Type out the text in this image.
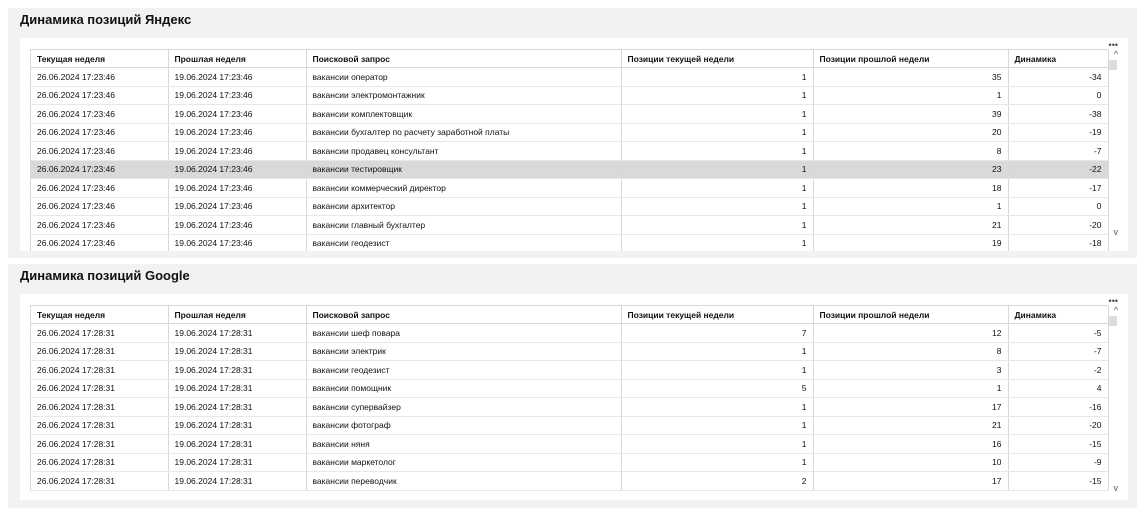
Динамика позиций Яндекс
Текущая неделя	Прошлая неделя	Поисковой запрос	Позиции текущей недели	Позиции прошлой недели	Динамика
26.06.2024 17:23:46	19.06.2024 17:23:46	вакансии оператор	1	35	-34
26.06.2024 17:23:46	19.06.2024 17:23:46	вакансии электромонтажник	1	1	0
26.06.2024 17:23:46	19.06.2024 17:23:46	вакансии комплектовщик	1	39	-38
26.06.2024 17:23:46	19.06.2024 17:23:46	вакансии бухгалтер по расчету заработной платы	1	20	-19
26.06.2024 17:23:46	19.06.2024 17:23:46	вакансии продавец консультант	1	8	-7
26.06.2024 17:23:46	19.06.2024 17:23:46	вакансии тестировщик	1	23	-22
26.06.2024 17:23:46	19.06.2024 17:23:46	вакансии коммерческий директор	1	18	-17
26.06.2024 17:23:46	19.06.2024 17:23:46	вакансии архитектор	1	1	0
26.06.2024 17:23:46	19.06.2024 17:23:46	вакансии главный бухгалтер	1	21	-20
26.06.2024 17:23:46	19.06.2024 17:23:46	вакансии геодезист	1	19	-18
•••
^
v
Динамика позиций Google
Текущая неделя	Прошлая неделя	Поисковой запрос	Позиции текущей недели	Позиции прошлой недели	Динамика
26.06.2024 17:28:31	19.06.2024 17:28:31	вакансии шеф повара	7	12	-5
26.06.2024 17:28:31	19.06.2024 17:28:31	вакансии электрик	1	8	-7
26.06.2024 17:28:31	19.06.2024 17:28:31	вакансии геодезист	1	3	-2
26.06.2024 17:28:31	19.06.2024 17:28:31	вакансии помощник	5	1	4
26.06.2024 17:28:31	19.06.2024 17:28:31	вакансии супервайзер	1	17	-16
26.06.2024 17:28:31	19.06.2024 17:28:31	вакансии фотограф	1	21	-20
26.06.2024 17:28:31	19.06.2024 17:28:31	вакансии няня	1	16	-15
26.06.2024 17:28:31	19.06.2024 17:28:31	вакансии маркетолог	1	10	-9
26.06.2024 17:28:31	19.06.2024 17:28:31	вакансии переводчик	2	17	-15
•••
^
v
